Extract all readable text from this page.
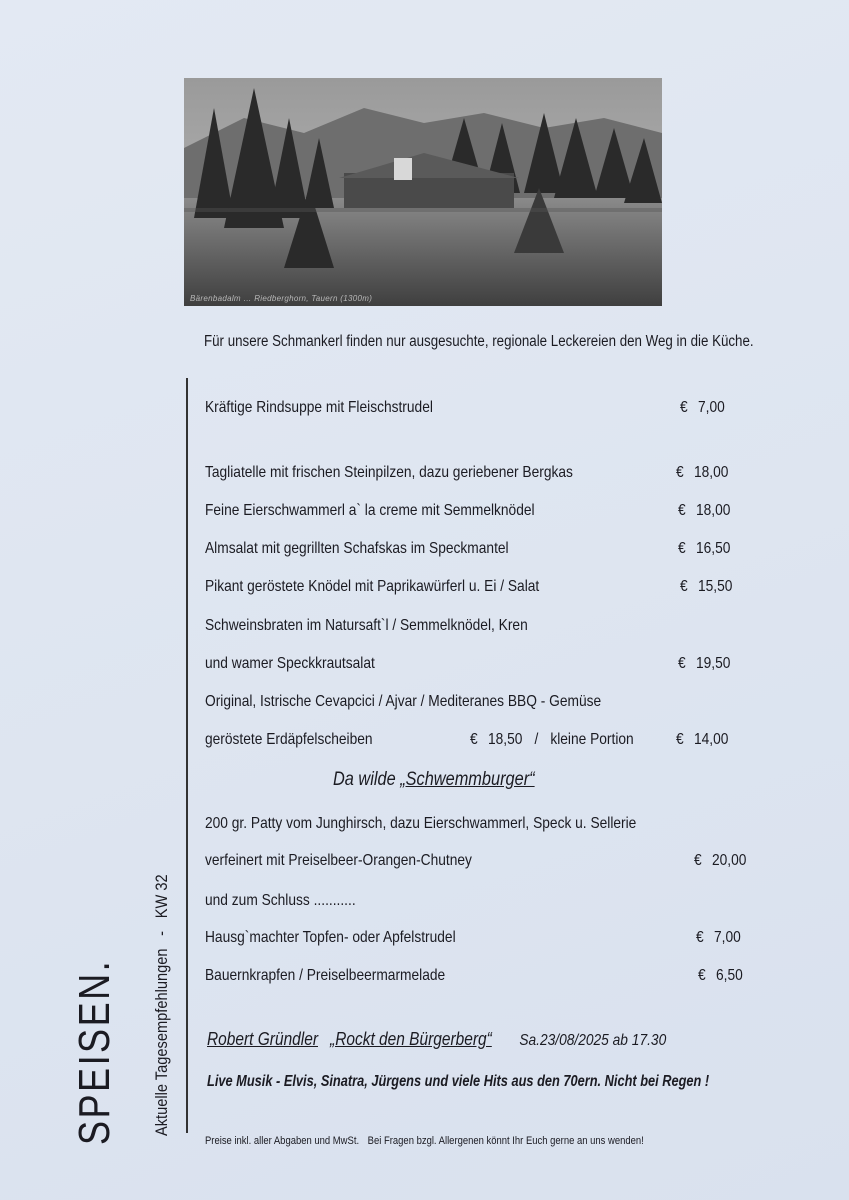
Bärenbadalm … Riedberghorn, Tauern (1300m)
Für unsere Schmankerl finden nur ausgesuchte, regionale Leckereien den Weg in die Küche.
SPEISEN. Aktuelle Tagesempfehlungen - KW 32
Kräftige Rindsuppe mit Fleischstrudel	€ 7,00
Tagliatelle mit frischen Steinpilzen, dazu geriebener Bergkas	€ 18,00
Feine Eierschwammerl a` la creme mit Semmelknödel	€ 18,00
Almsalat mit gegrillten Schafskas im Speckmantel	€ 16,50
Pikant geröstete Knödel mit Paprikawürferl u. Ei / Salat	€ 15,50
Schweinsbraten im Natursaft`l / Semmelknödel, Kren
und wamer Speckkrautsalat	€ 19,50
Original, Istrische Cevapcici / Ajvar / Mediteranes BBQ - Gemüse
geröstete Erdäpfelscheiben	€ 18,50 / kleine Portion	€ 14,00
Da wilde „Schwemmburger“
200 gr. Patty vom Junghirsch, dazu Eierschwammerl, Speck u. Sellerie
verfeinert mit Preiselbeer-Orangen-Chutney	€ 20,00
und zum Schluss ...........
Hausg`machter Topfen- oder Apfelstrudel	€ 7,00
Bauernkrapfen / Preiselbeermarmelade	€ 6,50
Robert Gründler „Rockt den Bürgerberg“ Sa.23/08/2025 ab 17.30
Live Musik - Elvis, Sinatra, Jürgens und viele Hits aus den 70ern. Nicht bei Regen !
Preise inkl. aller Abgaben und MwSt. Bei Fragen bzgl. Allergenen könnt Ihr Euch gerne an uns wenden!
